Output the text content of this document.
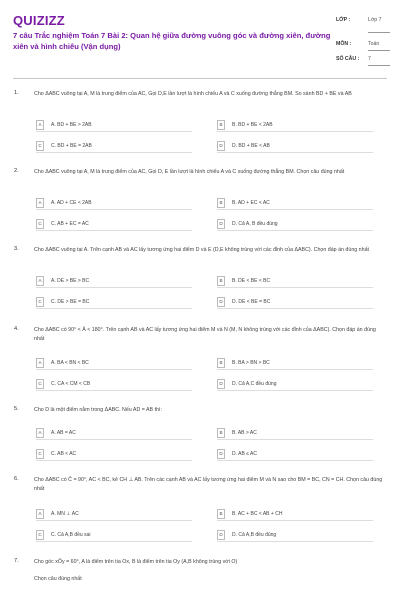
QUIZIZZ
7 câu Trắc nghiệm Toán 7 Bài 2: Quan hệ giữa đường vuông góc và đường xiên, đường xiên và hình chiếu (Vận dụng)
LỚP :	Lớp 7
MÔN :	Toán
SỐ CÂU : 7
1.	Cho ΔABC vuông tại A, M là trung điểm của AC, Gọi D,E lần lượt là hình chiếu A và C xuống đường thẳng BM. So sánh BD + BE và AB
A	A. BD + BE > 2AB	B	B. BD + BE < 2AB
C	C. BD + BE = 2AB	D	D. BD + BE < AB
2.	Cho ΔABC vuông tại A, M là trung điểm của AC, Gọi D, E lần lượt là hình chiếu A và C xuống đường thẳng BM. Chọn câu đúng nhất
A	A. AD + CE < 2AB	B	B. AD + EC < AC
C	C. AB + EC = AC	D	D. Cả A, B đều đúng
3.	Cho ΔABC vuông tại A. Trên cạnh AB và AC lấy tương ứng hai điểm D và E (D,E không trùng với các đỉnh của ΔABC). Chọn đáp án đúng nhất
A	A. DE > BE > BC	B	B. DE < BE < BC
C	C. DE > BE = BC	D	D. DE < BE = BC
4.	Cho ΔABC có 90° < Â < 180°. Trên cạnh AB và AC lấy tương ứng hai điểm M và N (M, N không trùng với các đỉnh của ΔABC). Chọn đáp án đúng nhất
A	A. BA < BN < BC	B	B. BA > BN > BC
C	C. CA < CM < CB	D	D. Cả A,C đều đúng
5.	Cho D là một điểm nằm trong ΔABC. Nếu AD = AB thì:
A	A. AB = AC	B	B. AB > AC
C	C. AB < AC	D	D. AB ≤ AC
6.	Cho ΔABC có Ĉ = 90°, AC < BC, kẻ CH ⊥ AB. Trên các cạnh AB và AC lấy tương ứng hai điểm M và N sao cho BM = BC, CN = CH. Chọn câu đúng nhất
A	A. MN ⊥ AC	B	B. AC + BC < AB + CH
C	C. Cả A,B đều sai	D	D. Cả A,B đều đúng
7.	Cho góc xÔy = 60°, A là điểm trên tia Ox, B là điểm trên tia Oy (A,B không trùng với O)
Chọn câu đúng nhất
